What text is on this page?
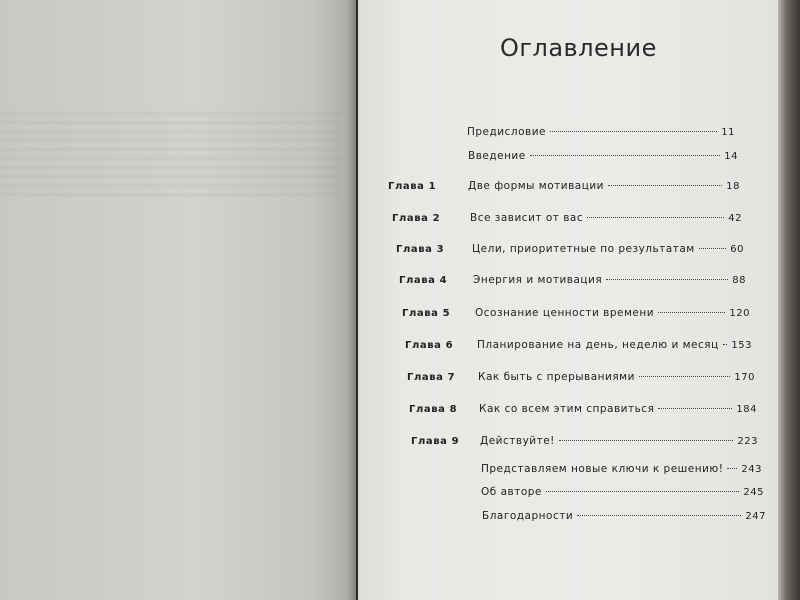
Оглавление
Предисловие	11
Введение	14
Глава 1	Две формы мотивации	18
Глава 2	Все зависит от вас	42
Глава 3	Цели, приоритетные по результатам	60
Глава 4 Энергия и мотивация	88
Глава 5 Осознание ценности времени	120
Глава 6 Планирование на день, неделю и месяц 153
Глава 7 Как быть с прерываниями	170
Глава 8 Как со всем этим справиться	184
Глава 9 Действуйте!	223
Представляем новые ключи к решению! 243
Об авторе	245
Благодарности	247
